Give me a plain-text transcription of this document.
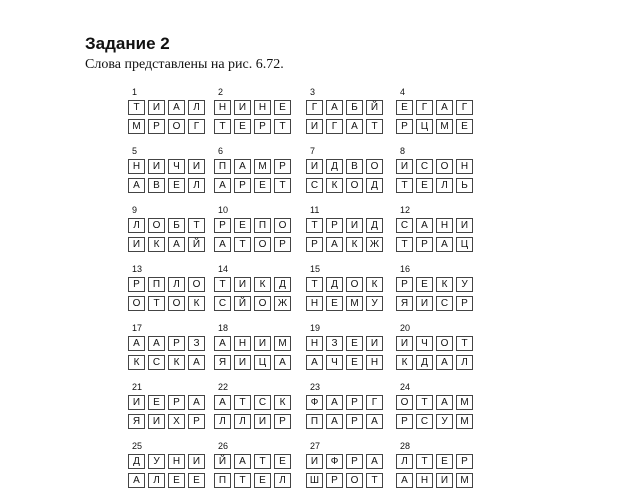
Задание 2
Слова представлены на рис. 6.72.
1
Т	И	А	Л
М	Р	О	Г
2
Н	И	Н	Е
Т	Е	Р	Т
3
Г	А	Б	Й
И	Г	А	Т
4
Е	Г	А	Г
Р	Ц	М	Е
5
Н	И	Ч	И
А	В	Е	Л
6
П	А	М	Р
А	Р	Е	Т
7
И	Д	В	О
С	К	О	Д
8
И	С	О	Н
Т	Е	Л	Ь
9
Л	О	Б	Т
И	К	А	Й
10
Р	Е	П	О
А	Т	О	Р
11
Т	Р	И	Д
Р	А	К	Ж
12
С	А	Н	И
Т	Р	А	Ц
13
Р	П	Л	О
О	Т	О	К
14
Т	И	К	Д
С	Й	О	Ж
15
Т	Д	О	К
Н	Е	М	У
16
Р	Е	К	У
Я	И	С	Р
17
А	А	Р	З
К	С	К	А
18
А	Н	И	М
Я	И	Ц	А
19
Н	З	Е	И
А	Ч	Е	Н
20
И	Ч	О	Т
К	Д	А	Л
21
И	Е	Р	А
Я	И	Х	Р
22
А	Т	С	К
Л	Л	И	Р
23
Ф	А	Р	Г
П	А	Р	А
24
О	Т	А	М
Р	С	У	М
25
Д	У	Н	И
А	Л	Е	Е
26
Й	А	Т	Е
П	Т	Е	Л
27
И	Ф	Р	А
Ш	Р	О	Т
28
Л	Т	Е	Р
А	Н	И	М
